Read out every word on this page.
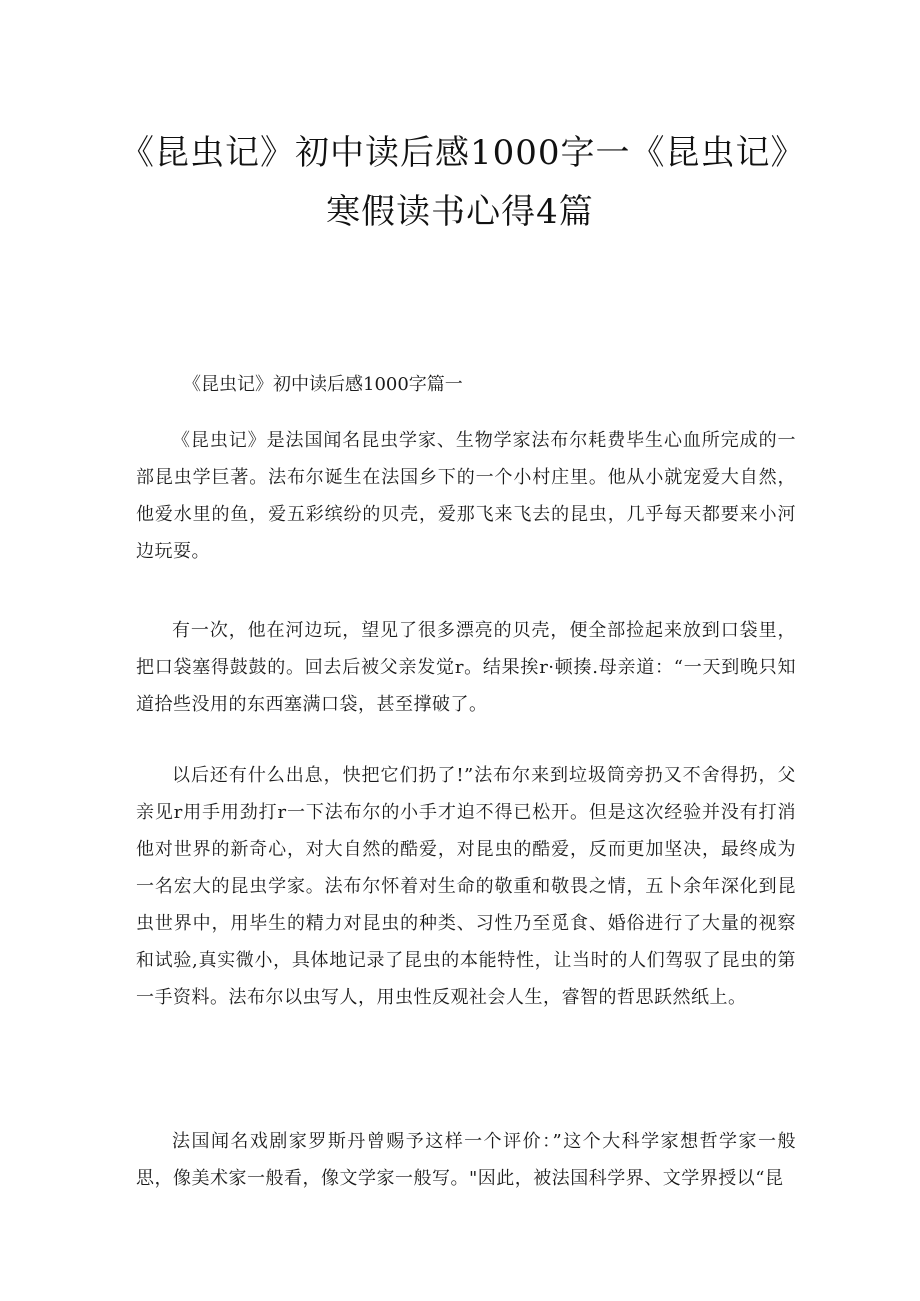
《昆虫记》初中读后感1000字一《昆虫记》
寒假读书心得4篇
《昆虫记》初中读后感1000字篇一

《昆虫记》是法国闻名昆虫学家、生物学家法布尔耗费毕生心血所完成的一部昆虫学巨著。法布尔诞生在法国乡下的一个小村庄里。他从小就宠爱大自然，他爱水里的鱼，爱五彩缤纷的贝壳，爱那飞来飞去的昆虫，几乎每天都要来小河边玩耍。

有一次，他在河边玩，望见了很多漂亮的贝壳，便全部捡起来放到口袋里，把口袋塞得鼓鼓的。回去后被父亲发觉r。结果挨r·顿揍.母亲道：“一天到晚只知道拾些没用的东西塞满口袋，甚至撑破了。

以后还有什么出息，快把它们扔了!”法布尔来到垃圾筒旁扔又不舍得扔，父亲见r用手用劲打r一下法布尔的小手才迫不得已松开。但是这次经验并没有打消他对世界的新奇心，对大自然的酷爱，对昆虫的酷爱，反而更加坚决，最终成为一名宏大的昆虫学家。法布尔怀着对生命的敬重和敬畏之情，五卜余年深化到昆虫世界中，用毕生的精力对昆虫的种类、习性乃至觅食、婚俗进行了大量的视察和试验,真实微小，具体地记录了昆虫的本能特性，让当时的人们驾驭了昆虫的第一手资料。法布尔以虫写人，用虫性反观社会人生，睿智的哲思跃然纸上。

法国闻名戏剧家罗斯丹曾赐予这样一个评价：”这个大科学家想哲学家一般思，像美术家一般看，像文学家一般写。"因此，被法国科学界、文学界授以“昆
